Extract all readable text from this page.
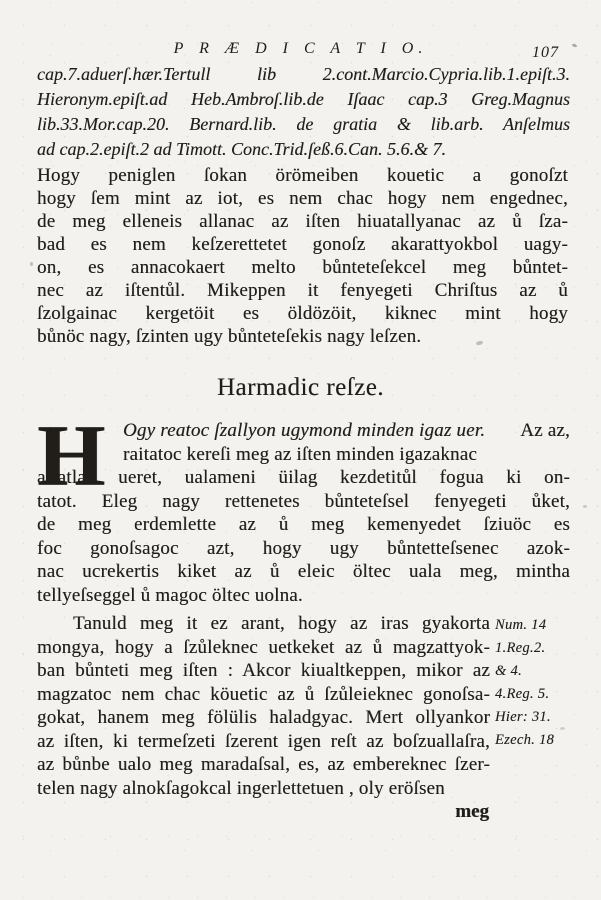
P R Æ D I C A T I O.	107
cap.7.aduerſ.hær.Tertull lib 2.cont.Marcio.Cypria.lib.1.epiſt.3.
Hieronym.epiſt.ad Heb.Ambroſ.lib.de Iſaac cap.3 Greg.Magnus
lib.33.Mor.cap.20. Bernard.lib. de gratia & lib.arb. Anſelmus
ad cap.2.epiſt.2 ad Timott. Conc.Trid.ſeß.6.Can. 5.6.& 7.
Hogy peniglen ſokan örömeiben kouetic a gonoſzt
hogy ſem mint az iot, es nem chac hogy nem engednec,
de meg elleneis allanac az iſten hiuatallyanac az ů ſza-
bad es nem keſzerettetet gonoſz akarattyokbol uagy-
on, es annacokaert melto bůnteteſekcel meg bůntet-
nec az iſtentůl. Mikeppen it fenyegeti Chriſtus az ů
ſzolgainac kergetöit es öldözöit, kiknec mint hogy
bůnöc nagy, ſzinten ugy bůnteteſekis nagy leſzen.
Harmadic reſze.
H Ogy reatoc ſzallyon ugymond minden igaz uer. Az az,
raitatoc kereſi meg az iſten minden igazaknac
artatlan ueret, ualameni üilag kezdetitůl fogua ki on-
tatot. Eleg nagy rettenetes bůnteteſsel fenyegeti ůket,
de meg erdemlette az ů meg kemenyedet ſziuöc es
foc gonoſsagoc azt, hogy ugy bůntetteſsenec azok-
nac ucrekertis kiket az ů eleic öltec uala meg, mintha
tellyeſseggel ů magoc öltec uolna.
Tanuld meg it ez arant, hogy az iras gyakorta
mongya, hogy a ſzůleknec uetkeket az ů magzattyok-
ban bůnteti meg iſten : Akcor kiualtkeppen, mikor az
magzatoc nem chac köuetic az ů ſzůleieknec gonoſsa-
gokat, hanem meg fölülis haladgyac. Mert ollyankor
az iſten, ki termeſzeti ſzerent igen reſt az boſzuallaſra,
az bůnbe ualo meg maradaſsal, es, az embereknec ſzer-
telen nagy alnokſagokcal ingerlettetuen , oly eröſsen
Num. 14
1.Reg.2.
& 4.
4.Reg. 5.
Hier: 31.
Ezech. 18
meg
